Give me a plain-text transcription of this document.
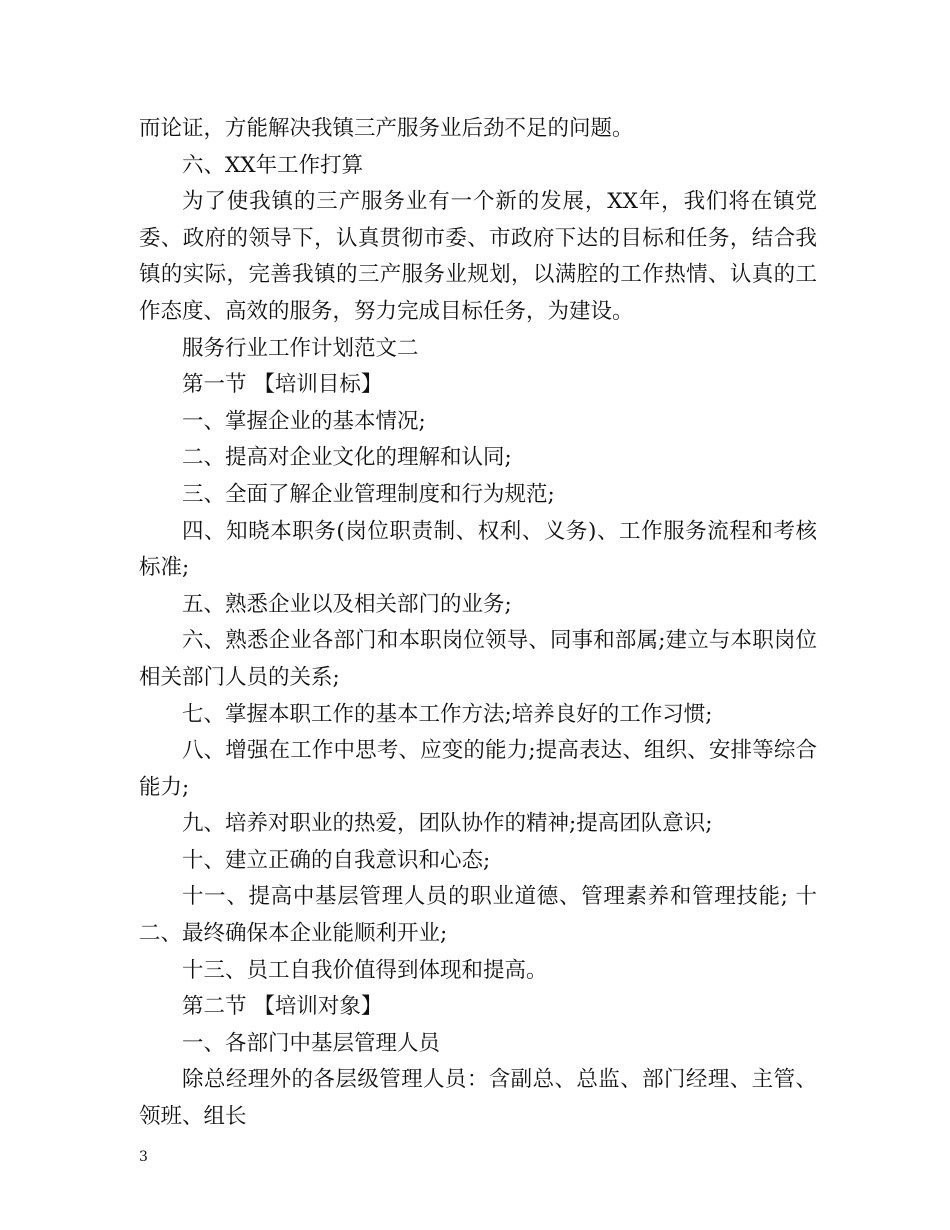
而论证，方能解决我镇三产服务业后劲不足的问题。

六、XX年工作打算

为了使我镇的三产服务业有一个新的发展，XX年，我们将在镇党委、政府的领导下，认真贯彻市委、市政府下达的目标和任务，结合我镇的实际，完善我镇的三产服务业规划，以满腔的工作热情、认真的工作态度、高效的服务，努力完成目标任务，为建设。

服务行业工作计划范文二

第一节 【培训目标】

一、掌握企业的基本情况;

二、提高对企业文化的理解和认同;

三、全面了解企业管理制度和行为规范;

四、知晓本职务(岗位职责制、权利、义务)、工作服务流程和考核标准;

五、熟悉企业以及相关部门的业务;

六、熟悉企业各部门和本职岗位领导、同事和部属;建立与本职岗位相关部门人员的关系;

七、掌握本职工作的基本工作方法;培养良好的工作习惯;

八、增强在工作中思考、应变的能力;提高表达、组织、安排等综合能力;

九、培养对职业的热爱，团队协作的精神;提高团队意识;

十、建立正确的自我意识和心态;

十一、提高中基层管理人员的职业道德、管理素养和管理技能; 十二、最终确保本企业能顺利开业;

十三、员工自我价值得到体现和提高。

第二节 【培训对象】

一、各部门中基层管理人员

除总经理外的各层级管理人员：含副总、总监、部门经理、主管、领班、组长

3
